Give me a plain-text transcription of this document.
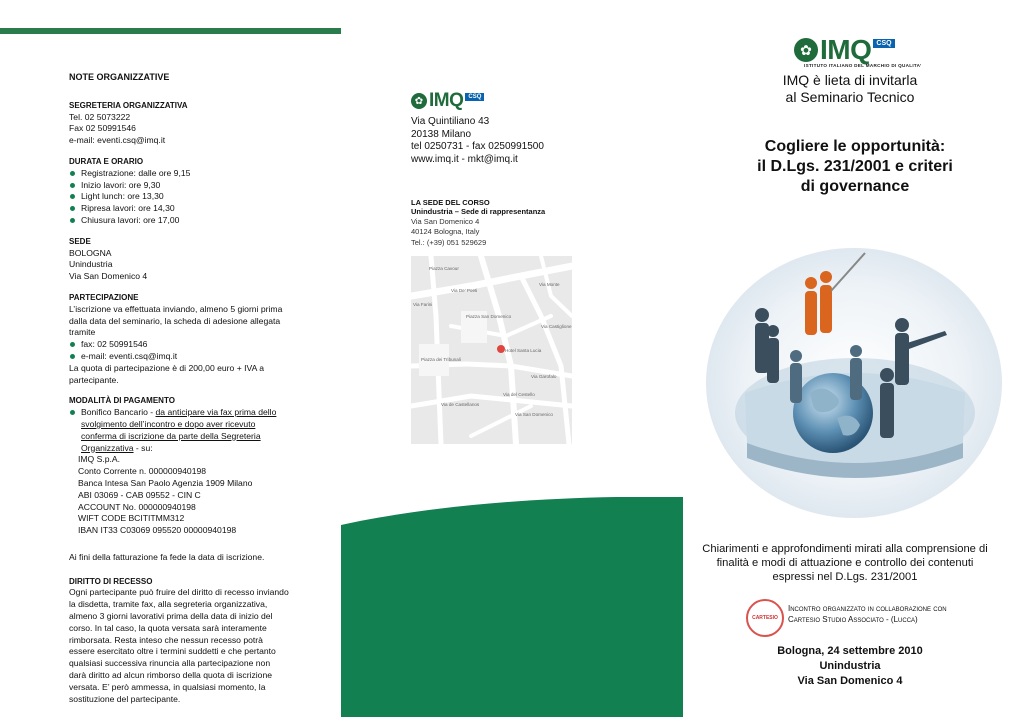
NOTE ORGANIZZATIVE
SEGRETERIA ORGANIZZATIVA
Tel. 02 5073222
Fax 02 50991546
e-mail: eventi.csq@imq.it
DURATA E ORARIO
Registrazione: dalle ore 9,15
Inizio lavori: ore 9,30
Light lunch: ore 13,30
Ripresa lavori: ore 14,30
Chiusura lavori: ore 17,00
SEDE
BOLOGNA
Unindustria
Via San Domenico 4
PARTECIPAZIONE
L’iscrizione va effettuata inviando, almeno 5 giorni prima dalla data del seminario, la scheda di adesione allegata tramite
fax: 02 50991546
e-mail: eventi.csq@imq.it
La quota di partecipazione è di 200,00 euro + IVA a partecipante.
MODALITÀ DI PAGAMENTO
Bonifico Bancario - da anticipare via fax prima dello svolgimento dell’incontro e dopo aver ricevuto conferma di iscrizione da parte della Segreteria Organizzativa - su:
IMQ S.p.A.
Conto Corrente n. 000000940198
Banca Intesa San Paolo Agenzia 1909 Milano
ABI 03069 - CAB 09552 - CIN C
ACCOUNT No. 000000940198
WIFT CODE BCITITMM312
IBAN IT33 C03069 095520 00000940198
Ai fini della fatturazione fa fede la data di iscrizione.
DIRITTO DI RECESSO
Ogni partecipante può fruire del diritto di recesso inviando la disdetta, tramite fax, alla segreteria organizzativa, almeno 3 giorni lavorativi prima della data di inizio del corso. In tal caso, la quota versata sarà interamente rimborsata. Resta inteso che nessun recesso potrà essere esercitato oltre i termini suddetti e che pertanto qualsiasi successiva rinuncia alla partecipazione non darà diritto ad alcun rimborso della quota di iscrizione versata. E’ però ammessa, in qualsiasi momento, la sostituzione del partecipante.
✿ IMQ CSQ
Via Quintiliano 43
20138 Milano
tel 0250731 - fax 0250991500
www.imq.it - mkt@imq.it
LA SEDE DEL CORSO
Unindustria – Sede di rappresentanza
Via San Domenico 4
40124 Bologna, Italy
Tel.: (+39) 051 529629
Piazza Cavour
Piazza San Domenico
Piazza dei Tribunali
Hotel Santa Lucia
Via del Cestello
Via De' Poeti
Via Garofalo
Via San Domenico
Via Monte
Via Farini
Via Castiglione
Via de Castellanos
✿ IMQ CSQ
ISTITUTO ITALIANO DEL MARCHIO DI QUALITA’
IMQ è lieta di invitarla
al Seminario Tecnico
Cogliere le opportunità:
il D.Lgs. 231/2001 e criteri
di governance
Chiarimenti e approfondimenti mirati alla comprensione di finalità e modi di attuazione e controllo dei contenuti espressi nel D.Lgs. 231/2001
CARTESIO
Incontro organizzato in collaborazione con
Cartesio Studio Associato - (Lucca)
Bologna, 24 settembre 2010
Unindustria
Via San Domenico 4
